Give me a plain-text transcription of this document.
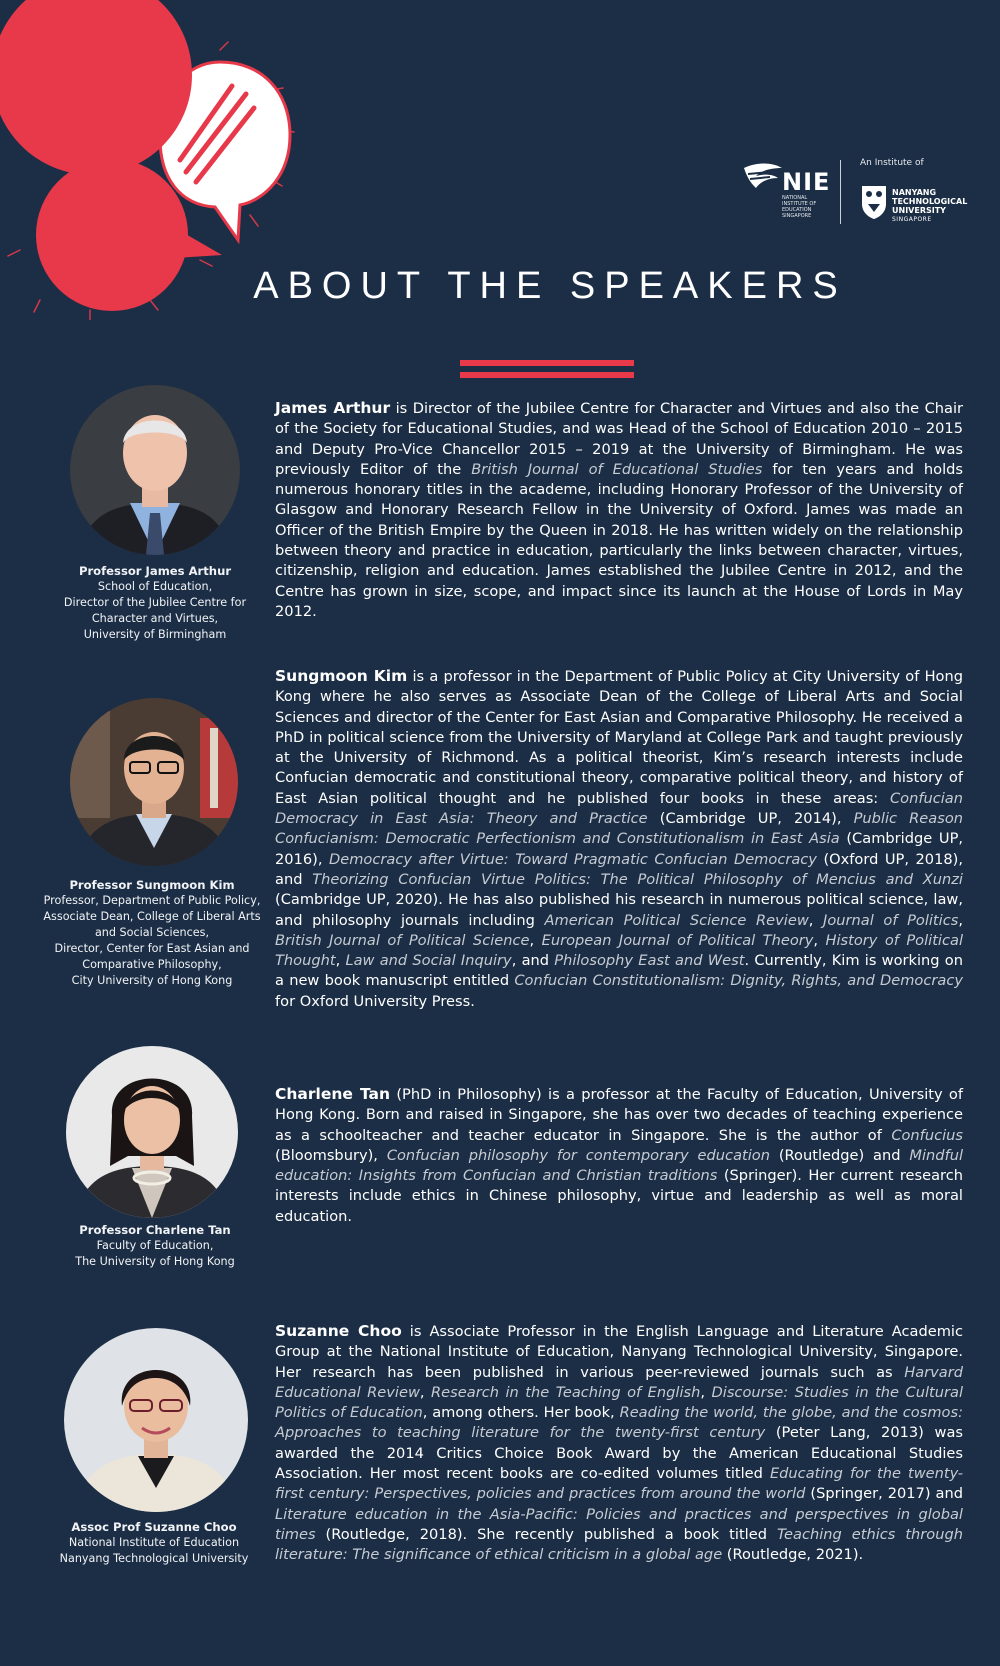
NIE
NATIONAL INSTITUTE OF EDUCATION SINGAPORE
An Institute of
NANYANG
TECHNOLOGICAL
UNIVERSITY
SINGAPORE
ABOUT THE SPEAKERS
Professor James Arthur
School of Education,
Director of the Jubilee Centre for
Character and Virtues,
University of Birmingham

James Arthur is Director of the Jubilee Centre for Character and Virtues and also the Chair of the Society for Educational Studies, and was Head of the School of Education 2010 – 2015 and Deputy Pro-Vice Chancellor 2015 – 2019 at the University of Birmingham. He was previously Editor of the British Journal of Educational Studies for ten years and holds numerous honorary titles in the academe, including Honorary Professor of the University of Glasgow and Honorary Research Fellow in the University of Oxford. James was made an Officer of the British Empire by the Queen in 2018. He has written widely on the relationship between theory and practice in education, particularly the links between character, virtues, citizenship, religion and education. James established the Jubilee Centre in 2012, and the Centre has grown in size, scope, and impact since its launch at the House of Lords in May 2012.

Professor Sungmoon Kim
Professor, Department of Public Policy,
Associate Dean, College of Liberal Arts
and Social Sciences,
Director, Center for East Asian and
Comparative Philosophy,
City University of Hong Kong

Sungmoon Kim is a professor in the Department of Public Policy at City University of Hong Kong where he also serves as Associate Dean of the College of Liberal Arts and Social Sciences and director of the Center for East Asian and Comparative Philosophy. He received a PhD in political science from the University of Maryland at College Park and taught previously at the University of Richmond. As a political theorist, Kim’s research interests include Confucian democratic and constitutional theory, comparative political theory, and history of East Asian political thought and he published four books in these areas: Confucian Democracy in East Asia: Theory and Practice (Cambridge UP, 2014), Public Reason Confucianism: Democratic Perfectionism and Constitutionalism in East Asia (Cambridge UP, 2016), Democracy after Virtue: Toward Pragmatic Confucian Democracy (Oxford UP, 2018), and Theorizing Confucian Virtue Politics: The Political Philosophy of Mencius and Xunzi (Cambridge UP, 2020). He has also published his research in numerous political science, law, and philosophy journals including American Political Science Review, Journal of Politics, British Journal of Political Science, European Journal of Political Theory, History of Political Thought, Law and Social Inquiry, and Philosophy East and West. Currently, Kim is working on a new book manuscript entitled Confucian Constitutionalism: Dignity, Rights, and Democracy for Oxford University Press.

Professor Charlene Tan
Faculty of Education,
The University of Hong Kong

Charlene Tan (PhD in Philosophy) is a professor at the Faculty of Education, University of Hong Kong. Born and raised in Singapore, she has over two decades of teaching experience as a schoolteacher and teacher educator in Singapore. She is the author of Confucius (Bloomsbury), Confucian philosophy for contemporary education (Routledge) and Mindful education: Insights from Confucian and Christian traditions (Springer). Her current research interests include ethics in Chinese philosophy, virtue and leadership as well as moral education.

Assoc Prof Suzanne Choo
National Institute of Education
Nanyang Technological University

Suzanne Choo is Associate Professor in the English Language and Literature Academic Group at the National Institute of Education, Nanyang Technological University, Singapore. Her research has been published in various peer-reviewed journals such as Harvard Educational Review, Research in the Teaching of English, Discourse: Studies in the Cultural Politics of Education, among others. Her book, Reading the world, the globe, and the cosmos: Approaches to teaching literature for the twenty-first century (Peter Lang, 2013) was awarded the 2014 Critics Choice Book Award by the American Educational Studies Association. Her most recent books are co-edited volumes titled Educating for the twenty-first century: Perspectives, policies and practices from around the world (Springer, 2017) and Literature education in the Asia-Pacific: Policies and practices and perspectives in global times (Routledge, 2018). She recently published a book titled Teaching ethics through literature: The significance of ethical criticism in a global age (Routledge, 2021).
